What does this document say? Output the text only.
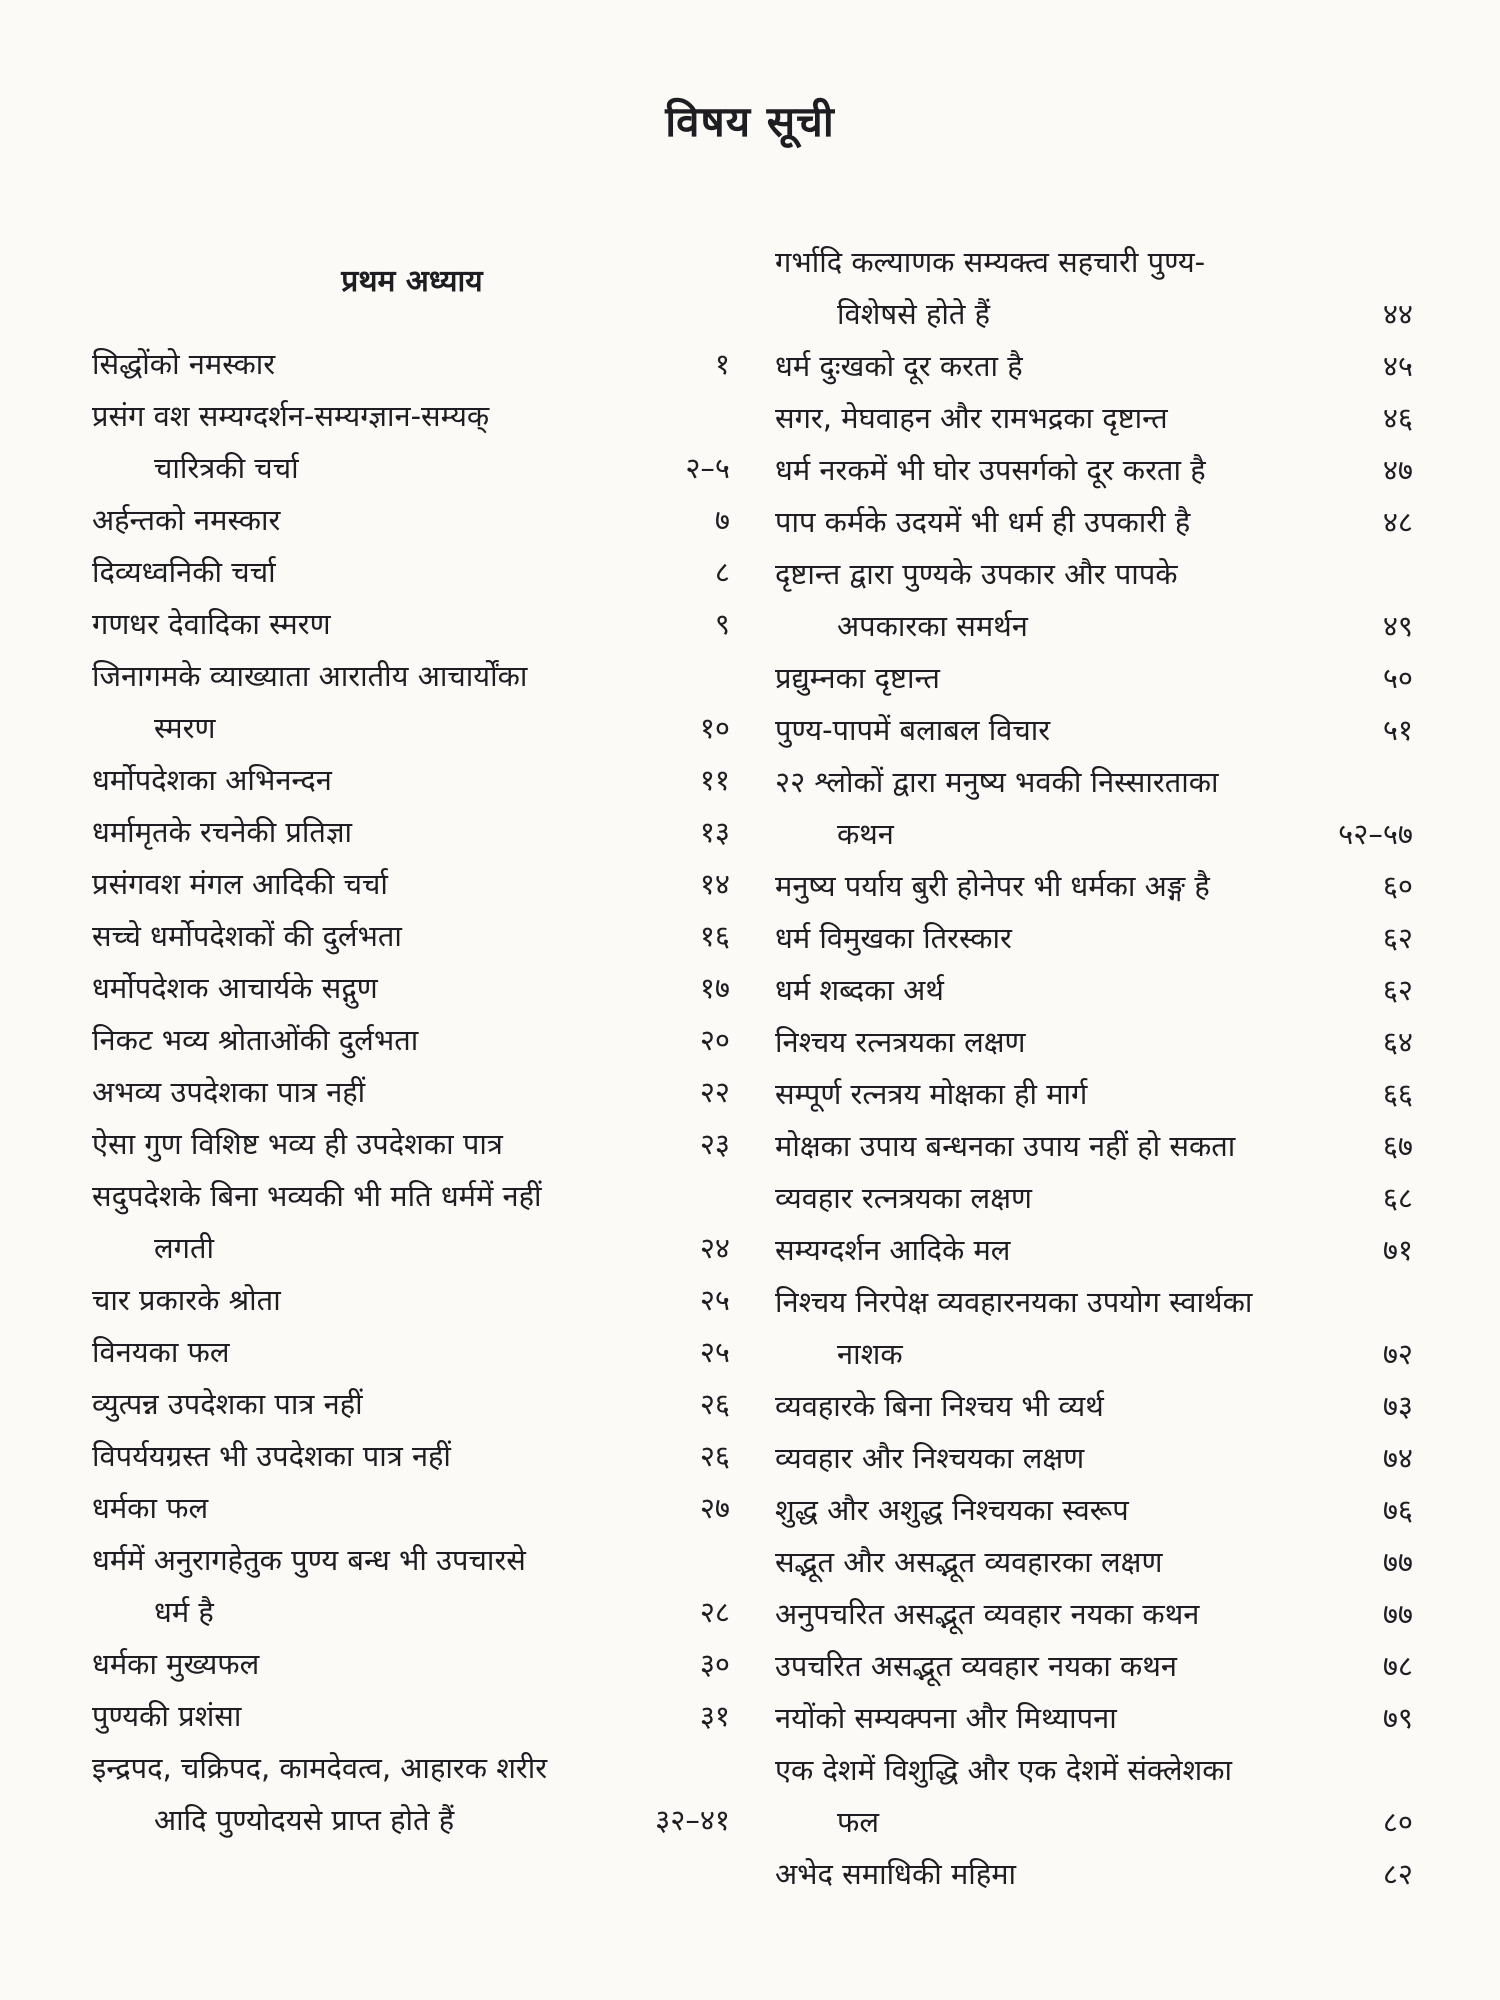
विषय सूची
प्रथम अध्याय
सिद्धोंको नमस्कार	१
प्रसंग वश सम्यग्दर्शन-सम्यग्ज्ञान-सम्यक्
चारित्रकी चर्चा	२–५
अर्हन्तको नमस्कार	७
दिव्यध्वनिकी चर्चा	८
गणधर देवादिका स्मरण	९
जिनागमके व्याख्याता आरातीय आचार्योंका
स्मरण	१०
धर्मोपदेशका अभिनन्दन	११
धर्मामृतके रचनेकी प्रतिज्ञा	१३
प्रसंगवश मंगल आदिकी चर्चा	१४
सच्चे धर्मोपदेशकों की दुर्लभता	१६
धर्मोपदेशक आचार्यके सद्गुण	१७
निकट भव्य श्रोताओंकी दुर्लभता	२०
अभव्य उपदेशका पात्र नहीं	२२
ऐसा गुण विशिष्ट भव्य ही उपदेशका पात्र	२३
सदुपदेशके बिना भव्यकी भी मति धर्ममें नहीं
लगती	२४
चार प्रकारके श्रोता	२५
विनयका फल	२५
व्युत्पन्न उपदेशका पात्र नहीं	२६
विपर्ययग्रस्त भी उपदेशका पात्र नहीं	२६
धर्मका फल	२७
धर्ममें अनुरागहेतुक पुण्य बन्ध भी उपचारसे
धर्म है	२८
धर्मका मुख्यफल	३०
पुण्यकी प्रशंसा	३१
इन्द्रपद, चक्रिपद, कामदेवत्व, आहारक शरीर
आदि पुण्योदयसे प्राप्त होते हैं	३२–४१
गर्भादि कल्याणक सम्यक्त्व सहचारी पुण्य-
विशेषसे होते हैं	४४
धर्म दुःखको दूर करता है	४५
सगर, मेघवाहन और रामभद्रका दृष्टान्त	४६
धर्म नरकमें भी घोर उपसर्गको दूर करता है	४७
पाप कर्मके उदयमें भी धर्म ही उपकारी है	४८
दृष्टान्त द्वारा पुण्यके उपकार और पापके
अपकारका समर्थन	४९
प्रद्युम्नका दृष्टान्त	५०
पुण्य-पापमें बलाबल विचार	५१
२२ श्लोकों द्वारा मनुष्य भवकी निस्सारताका
कथन	५२–५७
मनुष्य पर्याय बुरी होनेपर भी धर्मका अङ्ग है	६०
धर्म विमुखका तिरस्कार	६२
धर्म शब्दका अर्थ	६२
निश्चय रत्नत्रयका लक्षण	६४
सम्पूर्ण रत्नत्रय मोक्षका ही मार्ग	६६
मोक्षका उपाय बन्धनका उपाय नहीं हो सकता	६७
व्यवहार रत्नत्रयका लक्षण	६८
सम्यग्दर्शन आदिके मल	७१
निश्चय निरपेक्ष व्यवहारनयका उपयोग स्वार्थका
नाशक	७२
व्यवहारके बिना निश्चय भी व्यर्थ	७३
व्यवहार और निश्चयका लक्षण	७४
शुद्ध और अशुद्ध निश्चयका स्वरूप	७६
सद्भूत और असद्भूत व्यवहारका लक्षण	७७
अनुपचरित असद्भूत व्यवहार नयका कथन	७७
उपचरित असद्भूत व्यवहार नयका कथन	७८
नयोंको सम्यक्पना और मिथ्यापना	७९
एक देशमें विशुद्धि और एक देशमें संक्लेशका
फल	८०
अभेद समाधिकी महिमा	८२
